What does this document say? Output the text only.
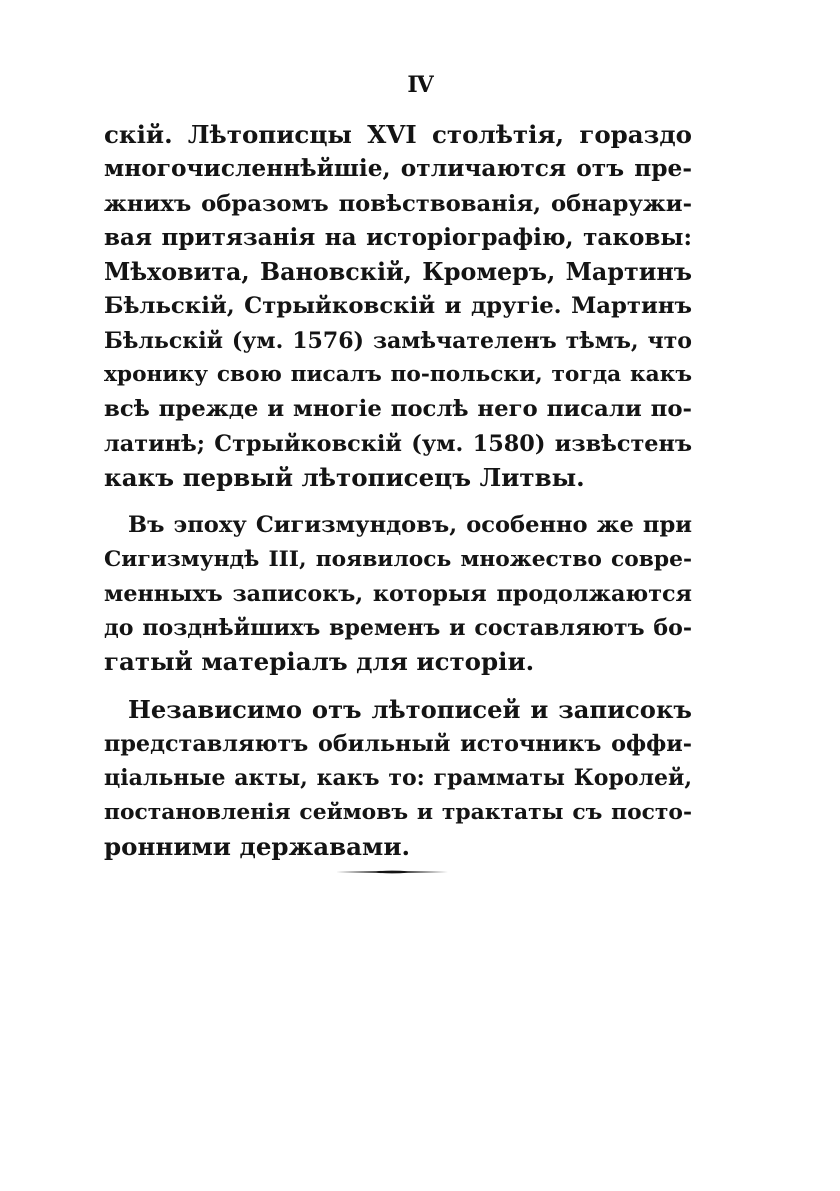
IV
скій. Лѣтописцы XVI столѣтія, гораздо
многочисленнѣйшіе, отличаются отъ пре-
жнихъ образомъ повѣствованія, обнаружи-
вая притязанія на исторіографію, таковы:
Мѣховита, Вановскій, Кромеръ, Мартинъ
Бѣльскій, Стрыйковскій и другіе. Мартинъ
Бѣльскій (ум. 1576) замѣчателенъ тѣмъ, что
хронику свою писалъ по-польски, тогда какъ
всѣ прежде и многіе послѣ него писали по-
латинѣ; Стрыйковскій (ум. 1580) извѣстенъ
какъ первый лѣтописецъ Литвы.
Въ эпоху Сигизмундовъ, особенно же при
Сигизмундѣ III, появилось множество совре-
менныхъ записокъ, которыя продолжаются
до позднѣйшихъ временъ и составляютъ бо-
гатый матеріалъ для исторіи.
Независимо отъ лѣтописей и записокъ
представляютъ обильный источникъ оффи-
ціальные акты, какъ то: грамматы Королей,
постановленія сеймовъ и трактаты съ посто-
ронними державами.
